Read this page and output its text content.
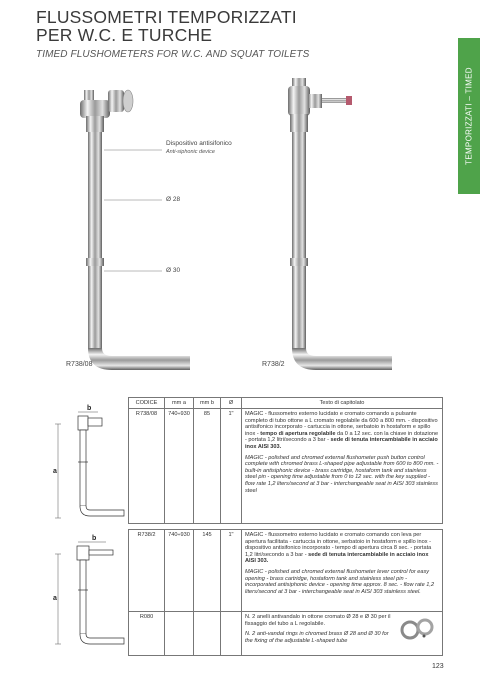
FLUSSOMETRI TEMPORIZZATI
PER W.C. E TURCHE
TIMED FLUSHOMETERS FOR W.C. AND SQUAT TOILETS
TEMPORIZZATI – TIMED
Dispositivo antisifonico
Anti-siphonic device
Ø 28
Ø 30
R738/08	R738/2
a
b
a
b
CODICE	mm a	mm b	Ø	Testo di capitolato
R738/08	740÷930	85	1"	MAGIC - flussometro esterno lucidato e cromato comando a pulsante completo di tubo ottone a L cromato regolabile da 600 a 800 mm. - dispositivo antisifonico incorporato - cartuccia in ottone, serbatoio in hostaform e spillo inox - tempo di apertura regolabile da 0 a 12 sec. con la chiave in dotazione - portata 1,2 litri/secondo a 3 bar - sede di tenuta intercambiabile in acciaio inox AISI 303.

MAGIC - polished and chromed external flushometer push button control complete with chromed brass L-shaped pipe adjustable from 600 to 800 mm. - built-in antisiphonic device - brass cartridge, hostaform tank and stainless steel pin - opening time adjustable from 0 to 12 sec. with the key supplied - flow rate 1,2 liters/second at 3 bar - interchangeable seat in AISI 303 stainless steel

R738/2	740÷930	145	1"	MAGIC - flussometro esterno lucidato e cromato comando con leva per apertura facilitata - cartuccia in ottone, serbatoio in hostaform e spillo inox - dispositivo antisifonico incorporato - tempo di apertura circa 8 sec. - portata 1,2 litri/secondo a 3 bar - sede di tenuta intercambiabile in acciaio inox AISI 303.

MAGIC - polished and chromed external flushometer lever control for easy opening - brass cartridge, hostaform tank and stainless steel pin - incorporated antisiphonic device - opening time approx. 8 sec. - flow rate 1,2 liters/second at 3 bar - interchangeable seat in AISI 303 stainless steel.

R080				N. 2 anelli antivandalo in ottone cromato Ø 28 e Ø 30 per il fissaggio del tubo a L regolabile.

N. 2 anti-vandal rings in chromed brass Ø 28 and Ø 30 for the fixing of the adjustable L-shaped tube

123
